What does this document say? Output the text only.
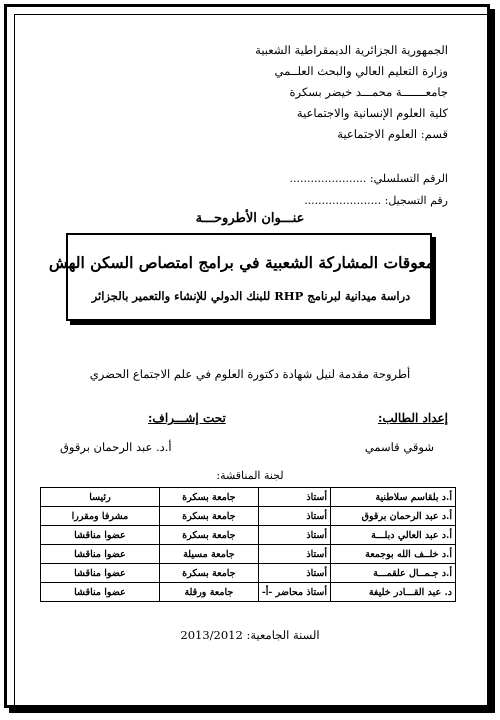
الجمهورية الجزائرية الديمقراطية الشعبية
وزارة التعليم العالي والبحث العلــمي
جامعـــــــة محمـــد خيضر بسكرة
كلية العلوم الإنسانية والاجتماعية
قسم: العلوم الاجتماعية
الرقم التسلسلي: ......................
رقم التسجيل: ......................
عنـــوان الأطروحـــة
معوقات المشاركة الشعبية في برامج امتصاص السكن الهش
دراسة ميدانية لبرنامج RHP للبنك الدولي للإنشاء والتعمير بالجزائر
أطروحة مقدمة لنيل شهادة دكتورة العلوم في علم الاجتماع الحضري
إعداد الطالب:
تحت إشـــراف:
شوقي قاسمي
أ.د. عبد الرحمان برقوق
لجنة المناقشة:
أ.د بلقاسم سلاطنية	أستاذ	جامعة بسكرة	رئيسا
أ.د عبد الرحمان برقوق	أستاذ	جامعة بسكرة	مشرفا ومقررا
أ.د عبد العالي دبلـــة	أستاذ	جامعة بسكرة	عضوا مناقشا
أ.د خلــف الله بوجمعة	أستاذ	جامعة مسيلة	عضوا مناقشا
أ.د جـمــال علقمـــة	أستاذ	جامعة بسكرة	عضوا مناقشا
د. عبد القـــادر خليفة	أستاذ محاضر -أ-	جامعة ورقلة	عضوا مناقشا
السنة الجامعية: 2013/2012
